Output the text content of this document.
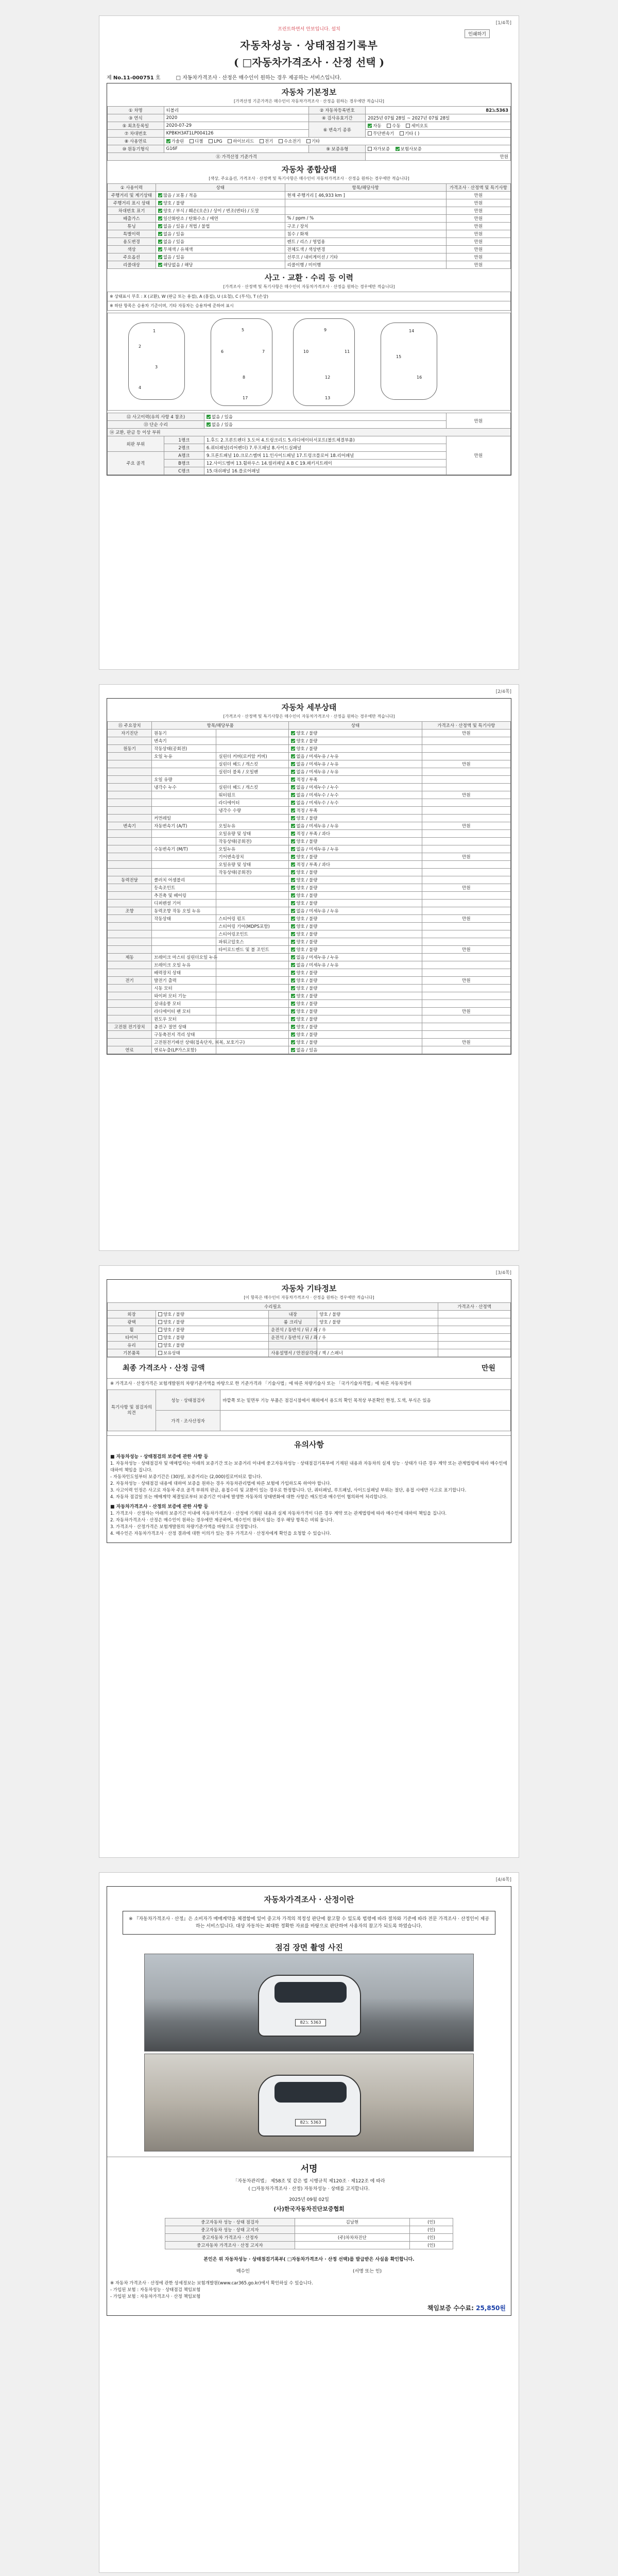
[1/4쪽]
프린트하면서 안보입니다. 설치
인쇄하기
자동차성능 · 상태점검기록부
( □자동차가격조사 · 산정 선택 )
제 No.11-000751 호	□ 자동차가격조사 · 산정은 매수인이 원하는 경우 제공하는 서비스입니다.
자동차 기본정보
[가격산정 기준가격은 매수인이 자동차가격조사 · 산정을 원하는 경우에만 적습니다]
① 차명	티볼리	② 자동차등록번호	82노5363
③ 연식	2020	④ 검사유효기간	2025년 07월 28일 ~ 2027년 07월 28일
⑤ 최초등록일	2020-07-29	⑥ 변속기 종류	자동 수동 세미오토
⑦ 차대번호	KPBKH3AT1LP004126		무단변속기 기타 ( )
⑧ 사용연료	가솔린 디젤 LPG 하이브리드 전기 수소전기 기타		
⑩ 원동기형식	G16F	⑨ 보증유형	자가보증 보험사보증
⑪ 가격산정 기준가격			만원
자동차 종합상태
[색상, 주요옵션, 가격조사 · 산정액 및 특기사항은 매수인이 자동차가격조사 · 산정을 원하는 경우에만 적습니다]
① 사용이력	상태	항목/해당사항	가격조사 · 산정액 및 특기사항
주행거리 및 계기상태	많음 / 보통 / 적음	현재 주행거리 [ 46,933 km ]	만원
주행거리 표시 상태	양호 / 불량		만원
차대번호 표기	양호 / 부식 / 훼손(오손) / 상이 / 변조(변타) / 도말		만원
배출가스	일산화탄소 / 탄화수소 / 매연	% / ppm / %	만원
튜닝	없음 / 있음 / 적법 / 불법	구조 / 장치	만원
특별이력	없음 / 있음	침수 / 화재	만원
용도변경	없음 / 있음	렌트 / 리스 / 영업용	만원
색상	무채색 / 유채색	전체도색 / 색상변경	만원
주요옵션	없음 / 있음	선루프 / 내비게이션 / 기타	만원
리콜대상	해당없음 / 해당	리콜이행 / 미이행	만원
사고 · 교환 · 수리 등 이력
[가격조사 · 산정액 및 특기사항은 매수인이 자동차가격조사 · 산정을 원하는 경우에만 적습니다]
※ 상태표시 부호 : X (교환), W (판금 또는 용접), A (흠집), U (요철), C (부식), T (손상)
※ 하단 항목은 승용차 기준이며, 기타 자동차는 승용차에 준하여 표시
1
2
3
4
5
6	7
8
9
10	11
12
13
14
15
16
17
⑫ 사고이력(유의 사항 4 참조)		없음 / 있음	만원
⑬ 단순 수리		없음 / 있음	
⑭ 교환, 판금 등 이상 부위			
외판 부위	1랭크	1.후드 2.프론트펜더 3.도어 4.트렁크리드 5.라디에이터서포트(볼트체결부품)	만원
	2랭크	6.쿼터패널(리어펜더) 7.루프패널 8.사이드실패널	
주요 골격	A랭크	9.프론트패널 10.크로스멤버 11.인사이드패널 17.트렁크플로어 18.리어패널	
	B랭크	12.사이드멤버 13.휠하우스 14.필러패널 A B C 19.패키지트레이	
	C랭크	15.대쉬패널 16.플로어패널	
[2/4쪽]
자동차 세부상태
[가격조사 · 산정액 및 특기사항은 매수인이 자동차가격조사 · 산정을 원하는 경우에만 적습니다]
⑮ 주요장치	항목/해당부품		상태	가격조사 · 산정액 및 특기사항
자기진단	원동기		양호 / 불량	만원
	변속기		양호 / 불량	
원동기	작동상태(공회전)		양호 / 불량	
	오일 누유	실린더 커버(로커암 커버)	없음 / 미세누유 / 누유	
		실린더 헤드 / 개스킷	없음 / 미세누유 / 누유	만원
		실린더 블록 / 오일팬	없음 / 미세누유 / 누유	
	오일 유량		적정 / 부족	
	냉각수 누수	실린더 헤드 / 개스킷	없음 / 미세누수 / 누수	
		워터펌프	없음 / 미세누수 / 누수	만원
		라디에이터	없음 / 미세누수 / 누수	
		냉각수 수량	적정 / 부족	
	커먼레일		양호 / 불량	
변속기	자동변속기 (A/T)	오일누유	없음 / 미세누유 / 누유	만원
		오일유량 및 상태	적정 / 부족 / 과다	
		작동상태(공회전)	양호 / 불량	
	수동변속기 (M/T)	오일누유	없음 / 미세누유 / 누유	
		기어변속장치	양호 / 불량	만원
		오일유량 및 상태	적정 / 부족 / 과다	
		작동상태(공회전)	양호 / 불량	
동력전달	클러치 어셈블리		양호 / 불량	
	등속조인트		양호 / 불량	만원
	추진축 및 베어링		양호 / 불량	
	디퍼렌셜 기어		양호 / 불량	
조향	동력조향 작동 오일 누유		없음 / 미세누유 / 누유	
	작동상태	스티어링 펌프	양호 / 불량	만원
		스티어링 기어(MDPS포함)	양호 / 불량	
		스티어링조인트	양호 / 불량	
		파워고압호스	양호 / 불량	
		타이로드엔드 및 볼 조인트	양호 / 불량	만원
제동	브레이크 마스터 실린더오일 누유		없음 / 미세누유 / 누유	
	브레이크 오일 누유		없음 / 미세누유 / 누유	
	배력장치 상태		양호 / 불량	
전기	발전기 출력		양호 / 불량	만원
	시동 모터		양호 / 불량	
	와이퍼 모터 기능		양호 / 불량	
	실내송풍 모터		양호 / 불량	
	라디에이터 팬 모터		양호 / 불량	만원
	윈도우 모터		양호 / 불량	
고전원 전기장치	충전구 절연 상태		양호 / 불량	
	구동축전지 격리 상태		양호 / 불량	
	고전원전기배선 상태(접속단자, 피복, 보호기구)		양호 / 불량	만원
연료	연료누출(LP가스포함)		없음 / 있음	
[3/4쪽]
자동차 기타정보
[이 항목은 매수인이 자동차가격조사 · 산정을 원하는 경우에만 적습니다]
수리필요				가격조사 · 산정액
외장	양호 / 불량	내장	양호 / 불량	
광택	양호 / 불량	룸 크리닝	양호 / 불량	
휠	양호 / 불량	운전석 / 동반석 / 뒤 / 좌 / 우		
타이어	양호 / 불량	운전석 / 동반석 / 뒤 / 좌 / 우		
유리	양호 / 불량			
기본품목	보유상태	사용설명서 / 안전삼각대 / 잭 / 스패너		
최종 가격조사 · 산정 금액	만원
※ 가격조사 · 산정가격은 보험개발원의 차량기준가액을 바탕으로 한 기준가격과 「기술사법」에 따른 차량기술사 또는 「국가기술자격법」에 따른 자동차정비
특기사항 및 점검자의 의견	성능 · 상태점검자	바깥쪽 또는 밑면부 기능 부품은 점검시점에서 해외에서 용도의 확인 목적상 부분확인 한정, 도색, 부식은 있음
	가격 · 조사산정자	
유의사항
■ 자동차성능 · 상태점검의 보증에 관한 사항 등
1. 자동차성능 · 상태점검자 및 매매업자는 아래의 보증기간 또는 보증거리 이내에 중고자동차성능 · 상태점검기록부에 기재된 내용과 자동차의 실제 성능 · 상태가 다른 경우 계약 또는 관계법령에 따라 매수인에 대하여 책임을 집니다.
- 자동차인도일부터 보증기간은 (30)일, 보증거리는 (2,000)킬로미터로 합니다.
2. 자동차성능 · 상태점검 내용에 대하여 보증을 원하는 경우 자동차관리법에 따른 보험에 가입하도록 하여야 합니다.
3. 사고이력 인정은 사고로 자동차 주요 골격 부위의 판금, 용접수리 및 교환이 있는 경우로 한정합니다. 단, 쿼터패널, 루프패널, 사이드실패널 부위는 절단, 용접 시에만 사고로 표기합니다.
4. 자동차 점검일 또는 매매계약 체결일로부터 보증기간 이내에 발생한 자동차의 상태변화에 대한 사항은 매도인과 매수인이 협의하여 처리합니다.
■ 자동차가격조사 · 산정의 보증에 관한 사항 등
1. 가격조사 · 산정자는 아래의 보증기간 이내에 자동차가격조사 · 산정에 기재된 내용과 실제 자동차가격이 다른 경우 계약 또는 관계법령에 따라 매수인에 대하여 책임을 집니다.
2. 자동차가격조사 · 산정은 매수인이 원하는 경우에만 제공하며, 매수인이 원하지 않는 경우 해당 항목은 비워 둡니다.
3. 가격조사 · 산정가격은 보험개발원의 차량기준가액을 바탕으로 산정합니다.
4. 매수인은 자동차가격조사 · 산정 결과에 대한 이의가 있는 경우 가격조사 · 산정자에게 확인을 요청할 수 있습니다.
[4/4쪽]
자동차가격조사 · 산정이란
※ 『자동차가격조사 · 산정』은 소비자가 매매계약을 체결함에 있어 중고차 가격의 적정성 판단에 참고할 수 있도록 법령에 따라 절차와 기준에 따라 전문 가격조사 · 산정인이 제공하는 서비스입니다. 대상 자동차는 최대한 정확한 자료를 바탕으로 판단하여 사용자의 참고가 되도록 하였습니다.
점검 장면 촬영 사진
82노 5363
82노 5363
서명
「자동차관리법」 제58조 및 같은 법 시행규칙 제120조 · 제122조 에 따라
( □자동차가격조사 · 산정) 자동차성능 · 상태를 고지합니다.
2025년 09월 02일
(사)한국자동차진단보증협회
중고자동차 성능 · 상태 점검자	김남현	(인)
중고자동차 성능 · 상태 고지자		(인)
중고자동차 가격조사 · 산정자	(주)차차차진단	(인)
중고자동차 가격조사 · 산정 고지자		(인)
본인은 위 자동차성능 · 상태점검기록부( □자동차가격조사 · 산정 선택)를 발급받은 사실을 확인합니다.
매수인	(서명 또는 인)
※ 자동차 가격조사 · 산정에 관한 상세정보는 보험개발원(www.car365.go.kr)에서 확인하실 수 있습니다.
- 가입된 보험 : 자동차성능 · 상태점검 책임보험
- 가입된 보험 : 자동차가격조사 · 산정 책임보험
책임보증 수수료: 25,850원
